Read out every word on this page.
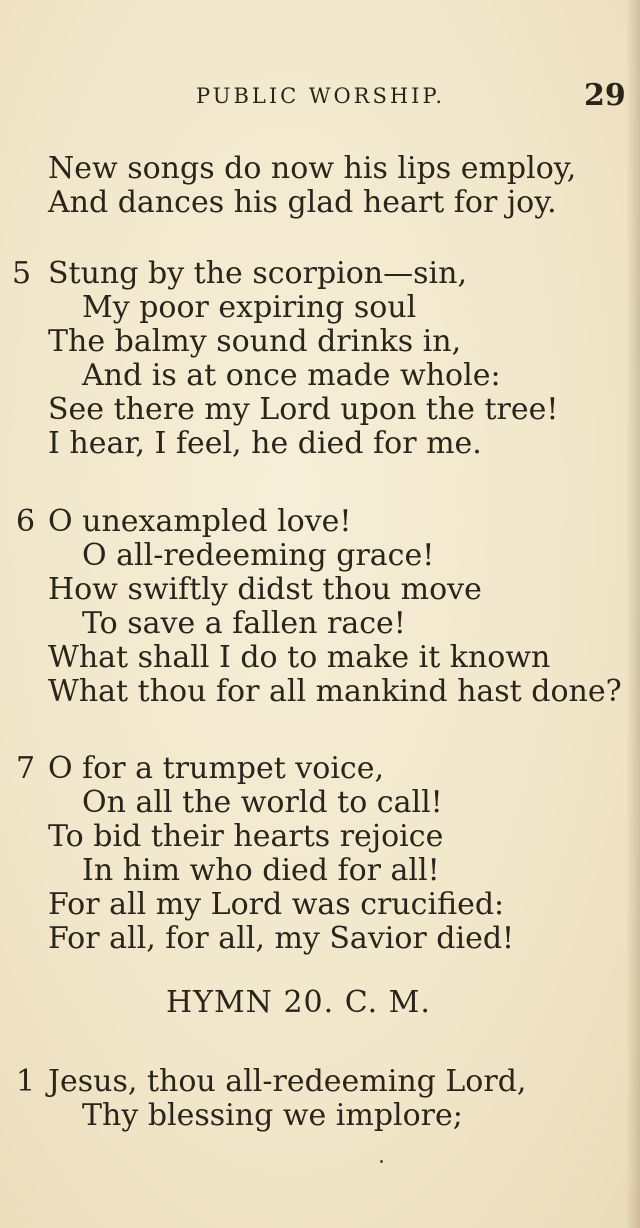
PUBLIC WORSHIP.	29
New songs do now his lips employ,
And dances his glad heart for joy.
5 Stung by the scorpion—sin,
My poor expiring soul
The balmy sound drinks in,
And is at once made whole:
See there my Lord upon the tree!
I hear, I feel, he died for me.
6 O unexampled love!
O all-redeeming grace!
How swiftly didst thou move
To save a fallen race!
What shall I do to make it known
What thou for all mankind hast done?
7 O for a trumpet voice,
On all the world to call!
To bid their hearts rejoice
In him who died for all!
For all my Lord was crucified:
For all, for all, my Savior died!
HYMN 20. C. M.
1 Jesus, thou all-redeeming Lord,
Thy blessing we implore;
